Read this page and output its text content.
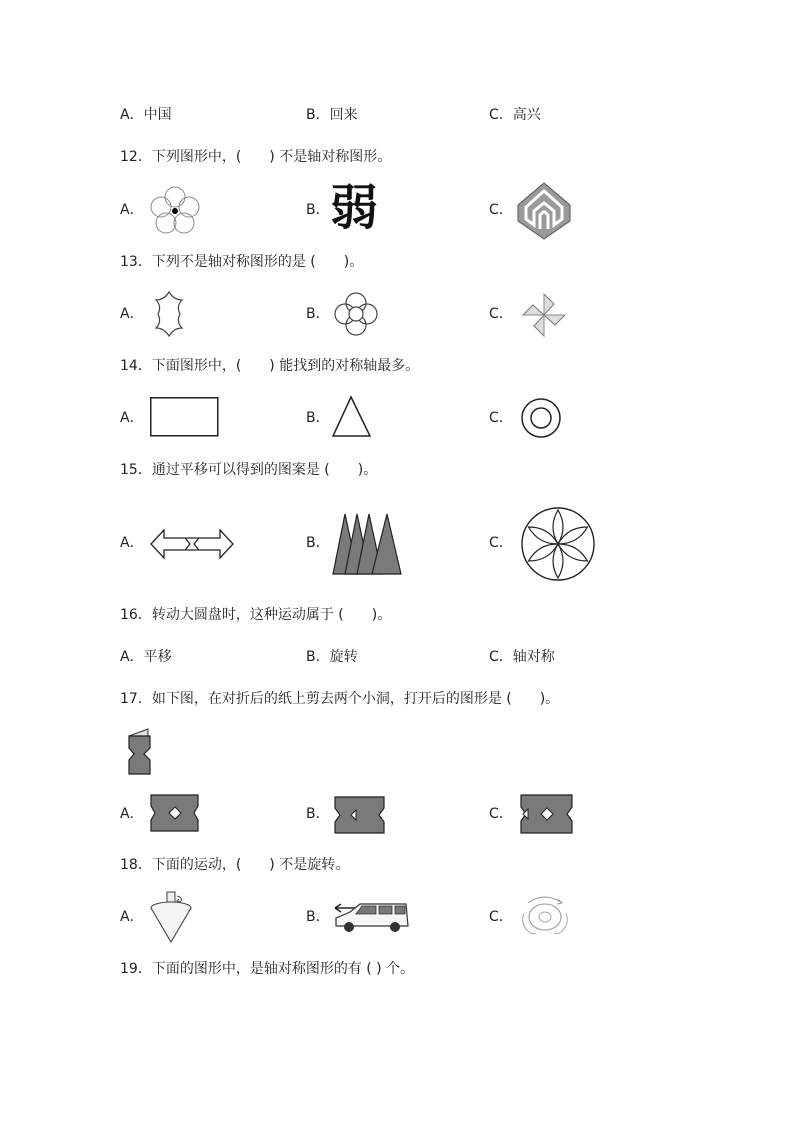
A．中国	B．回来	C．高兴
12．下列图形中，(　　) 不是轴对称图形。
A．	B． 弱	C．
13．下列不是轴对称图形的是 (　　)。
A．	B．	C．
14．下面图形中，(　　) 能找到的对称轴最多。
A．	B．	C．
15．通过平移可以得到的图案是 (　　)。
A．	B．	C．
16．转动大圆盘时，这种运动属于 (　　)。
A．平移	B．旋转	C．轴对称
17．如下图，在对折后的纸上剪去两个小洞，打开后的图形是 (　　)。
A．	B．	C．
18．下面的运动，(　　) 不是旋转。
A．	B．	C．
19．下面的图形中，是轴对称图形的有 ( ) 个。
